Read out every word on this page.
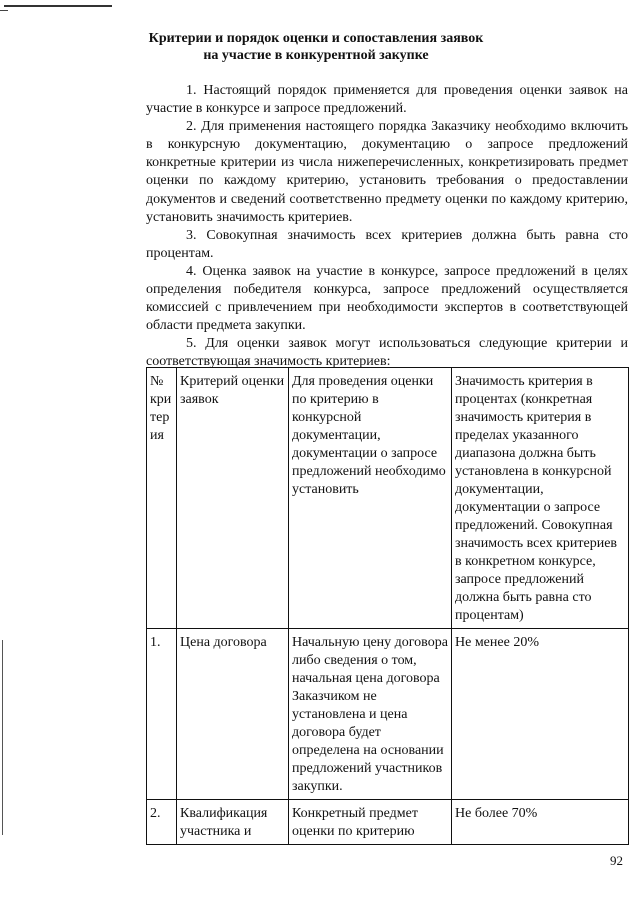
Критерии и порядок оценки и сопоставления заявок на участие в конкурентной закупке

1. Настоящий порядок применяется для проведения оценки заявок на участие в конкурсе и запросе предложений.

2. Для применения настоящего порядка Заказчику необходимо включить в конкурсную документацию, документацию о запросе предложений конкретные критерии из числа нижеперечисленных, конкретизировать предмет оценки по каждому критерию, установить требования о предоставлении документов и сведений соответственно предмету оценки по каждому критерию, установить значимость критериев.

3. Совокупная значимость всех критериев должна быть равна сто процентам.

4. Оценка заявок на участие в конкурсе, запросе предложений в целях определения победителя конкурса, запросе предложений осуществляется комиссией с привлечением при необходимости экспертов в соответствующей области предмета закупки.

5. Для оценки заявок могут использоваться следующие критерии и соответствующая значимость критериев:

№ кри тер ия	Критерий оценки заявок	Для проведения оценки по критерию в конкурсной документации, документации о запросе предложений необходимо установить	Значимость критерия в процентах (конкретная значимость критерия в пределах указанного диапазона должна быть установлена в конкурсной документации, документации о запросе предложений. Совокупная значимость всех критериев в конкретном конкурсе, запросе предложений должна быть равна сто процентам)
1.	Цена договора	Начальную цену договора либо сведения о том, начальная цена договора Заказчиком не установлена и цена договора будет определена на основании предложений участников закупки.	Не менее 20%
2.	Квалификация участника и	Конкретный предмет оценки по критерию	Не более 70%
92
